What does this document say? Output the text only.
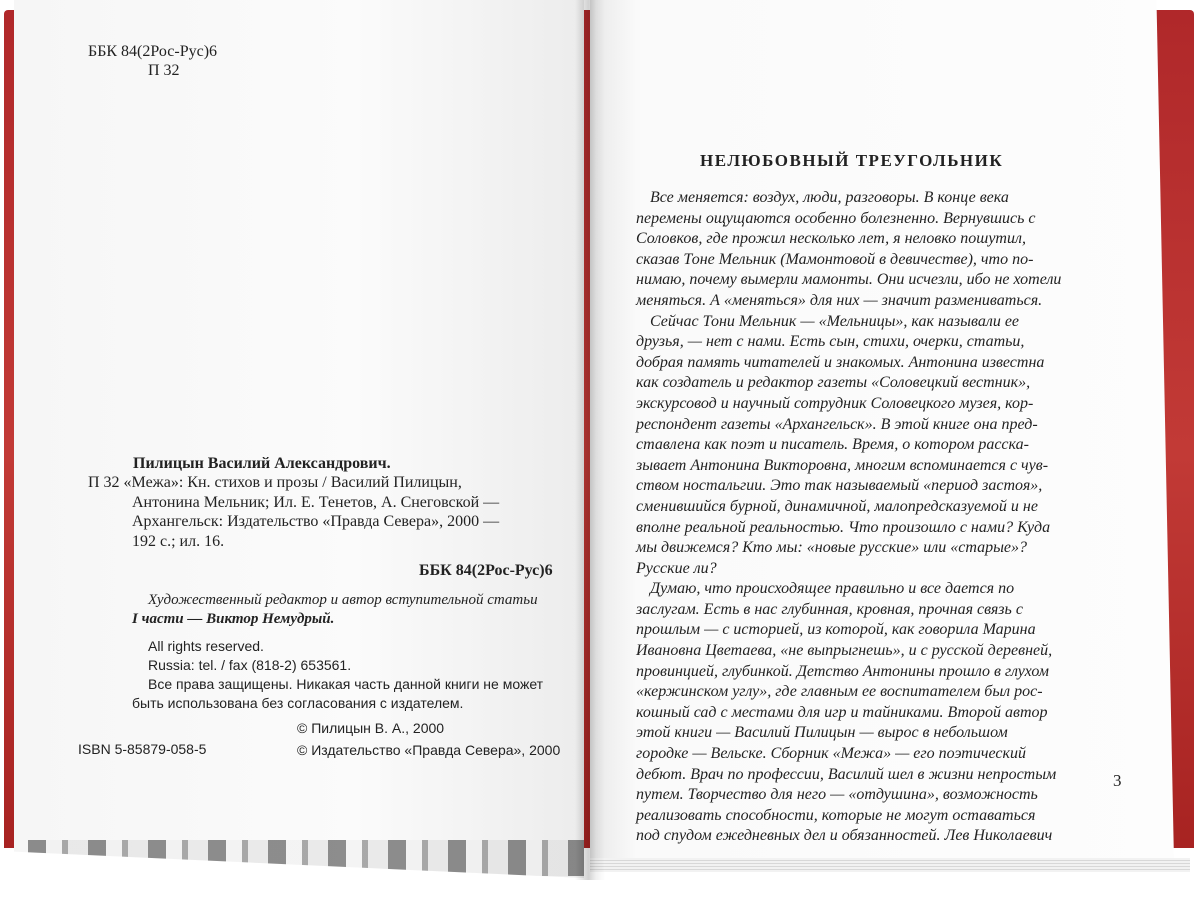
ББК 84(2Рос-Рус)6
П 32
Пилицын Василий Александрович.
П 32 «Межа»: Кн. стихов и прозы / Василий Пилицын,
Антонина Мельник; Ил. Е. Тенетов, А. Снеговской —
Архангельск: Издательство «Правда Севера», 2000 —
192 с.; ил. 16.
ББК 84(2Рос-Рус)6
Художественный редактор и автор вступительной статьи
I части — Виктор Немудрый.
All rights reserved.
Russia: tel. / fax (818-2) 653561.
Все права защищены. Никакая часть данной книги не может
быть использована без согласования с издателем.
© Пилицын В. А., 2000
ISBN 5-85879-058-5	© Издательство «Правда Севера», 2000
НЕЛЮБОВНЫЙ ТРЕУГОЛЬНИК
Все меняется: воздух, люди, разговоры. В конце века
перемены ощущаются особенно болезненно. Вернувшись с
Соловков, где прожил несколько лет, я неловко пошутил,
сказав Тоне Мельник (Мамонтовой в девичестве), что по-
нимаю, почему вымерли мамонты. Они исчезли, ибо не хотели
меняться. А «меняться» для них — значит размениваться.
Сейчас Тони Мельник — «Мельницы», как называли ее
друзья, — нет с нами. Есть сын, стихи, очерки, статьи,
добрая память читателей и знакомых. Антонина известна
как создатель и редактор газеты «Соловецкий вестник»,
экскурсовод и научный сотрудник Соловецкого музея, кор-
респондент газеты «Архангельск». В этой книге она пред-
ставлена как поэт и писатель. Время, о котором расска-
зывает Антонина Викторовна, многим вспоминается с чув-
ством ностальгии. Это так называемый «период застоя»,
сменившийся бурной, динамичной, малопредсказуемой и не
вполне реальной реальностью. Что произошло с нами? Куда
мы движемся? Кто мы: «новые русские» или «старые»?
Русские ли?
Думаю, что происходящее правильно и все дается по
заслугам. Есть в нас глубинная, кровная, прочная связь с
прошлым — с историей, из которой, как говорила Марина
Ивановна Цветаева, «не выпрыгнешь», и с русской деревней,
провинцией, глубинкой. Детство Антонины прошло в глухом
«кержинском углу», где главным ее воспитателем был рос-
кошный сад с местами для игр и тайниками. Второй автор
этой книги — Василий Пилицын — вырос в небольшом
городке — Вельске. Сборник «Межа» — его поэтический
дебют. Врач по профессии, Василий шел в жизни непростым
путем. Творчество для него — «отдушина», возможность
реализовать способности, которые не могут оставаться
под спудом ежедневных дел и обязанностей. Лев Николаевич
3
